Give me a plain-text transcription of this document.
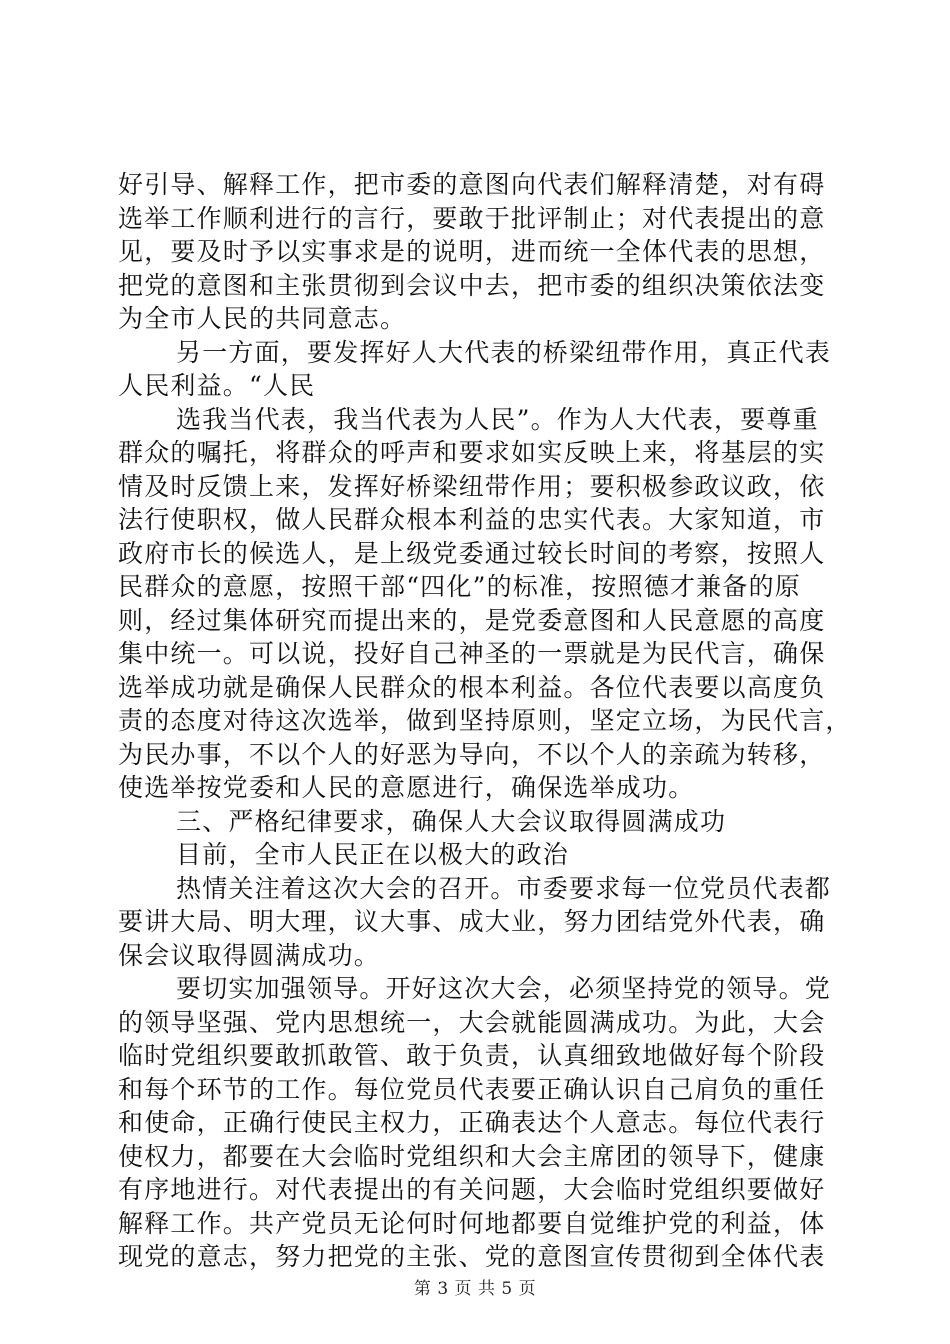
好引导、解释工作，把市委的意图向代表们解释清楚，对有碍
选举工作顺利进行的言行，要敢于批评制止；对代表提出的意
见，要及时予以实事求是的说明，进而统一全体代表的思想，
把党的意图和主张贯彻到会议中去，把市委的组织决策依法变
为全市人民的共同意志。
另一方面，要发挥好人大代表的桥梁纽带作用，真正代表
人民利益。“人民
选我当代表，我当代表为人民”。作为人大代表，要尊重
群众的嘱托，将群众的呼声和要求如实反映上来，将基层的实
情及时反馈上来，发挥好桥梁纽带作用；要积极参政议政，依
法行使职权，做人民群众根本利益的忠实代表。大家知道，市
政府市长的候选人，是上级党委通过较长时间的考察，按照人
民群众的意愿，按照干部“四化”的标准，按照德才兼备的原
则，经过集体研究而提出来的，是党委意图和人民意愿的高度
集中统一。可以说，投好自己神圣的一票就是为民代言，确保
选举成功就是确保人民群众的根本利益。各位代表要以高度负
责的态度对待这次选举，做到坚持原则，坚定立场，为民代言，
为民办事，不以个人的好恶为导向，不以个人的亲疏为转移，
使选举按党委和人民的意愿进行，确保选举成功。
三、严格纪律要求，确保人大会议取得圆满成功
目前，全市人民正在以极大的政治
热情关注着这次大会的召开。市委要求每一位党员代表都
要讲大局、明大理，议大事、成大业，努力团结党外代表，确
保会议取得圆满成功。
要切实加强领导。开好这次大会，必须坚持党的领导。党
的领导坚强、党内思想统一，大会就能圆满成功。为此，大会
临时党组织要敢抓敢管、敢于负责，认真细致地做好每个阶段
和每个环节的工作。每位党员代表要正确认识自己肩负的重任
和使命，正确行使民主权力，正确表达个人意志。每位代表行
使权力，都要在大会临时党组织和大会主席团的领导下，健康
有序地进行。对代表提出的有关问题，大会临时党组织要做好
解释工作。共产党员无论何时何地都要自觉维护党的利益，体
现党的意志，努力把党的主张、党的意图宣传贯彻到全体代表
第 3 页 共 5 页
